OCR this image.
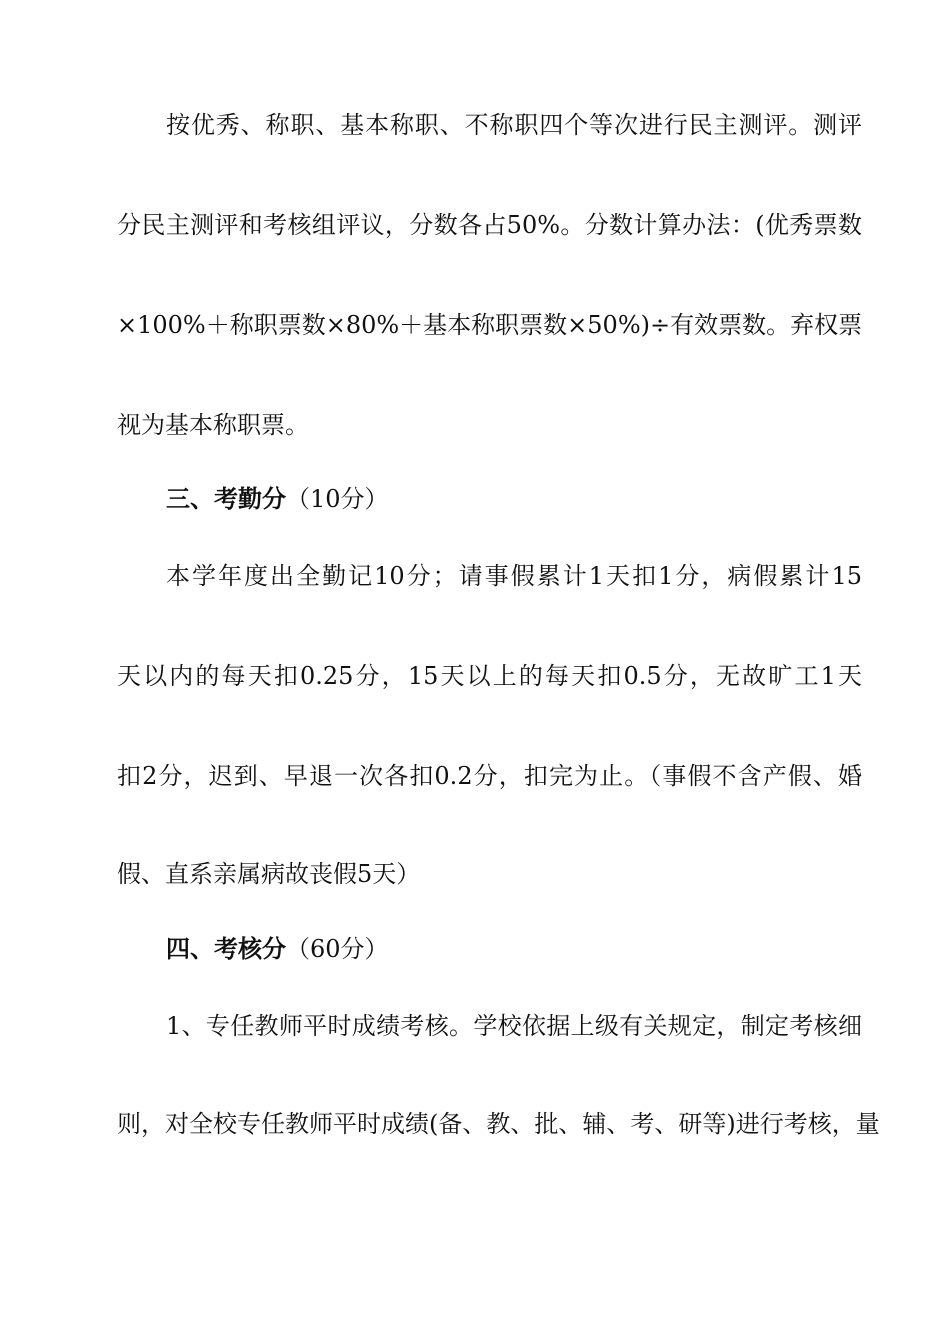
按优秀、称职、基本称职、不称职四个等次进行民主测评。测评
分民主测评和考核组评议，分数各占50%。分数计算办法：(优秀票数
×100%＋称职票数×80%＋基本称职票数×50%)÷有效票数。弃权票
视为基本称职票。
三、考勤分（10分）
本学年度出全勤记10分；请事假累计1天扣1分，病假累计15
天以内的每天扣0.25分，15天以上的每天扣0.5分，无故旷工1天
扣2分，迟到、早退一次各扣0.2分，扣完为止。（事假不含产假、婚
假、直系亲属病故丧假5天）
四、考核分（60分）
1、专任教师平时成绩考核。学校依据上级有关规定，制定考核细
则，对全校专任教师平时成绩(备、教、批、辅、考、研等)进行考核，量
